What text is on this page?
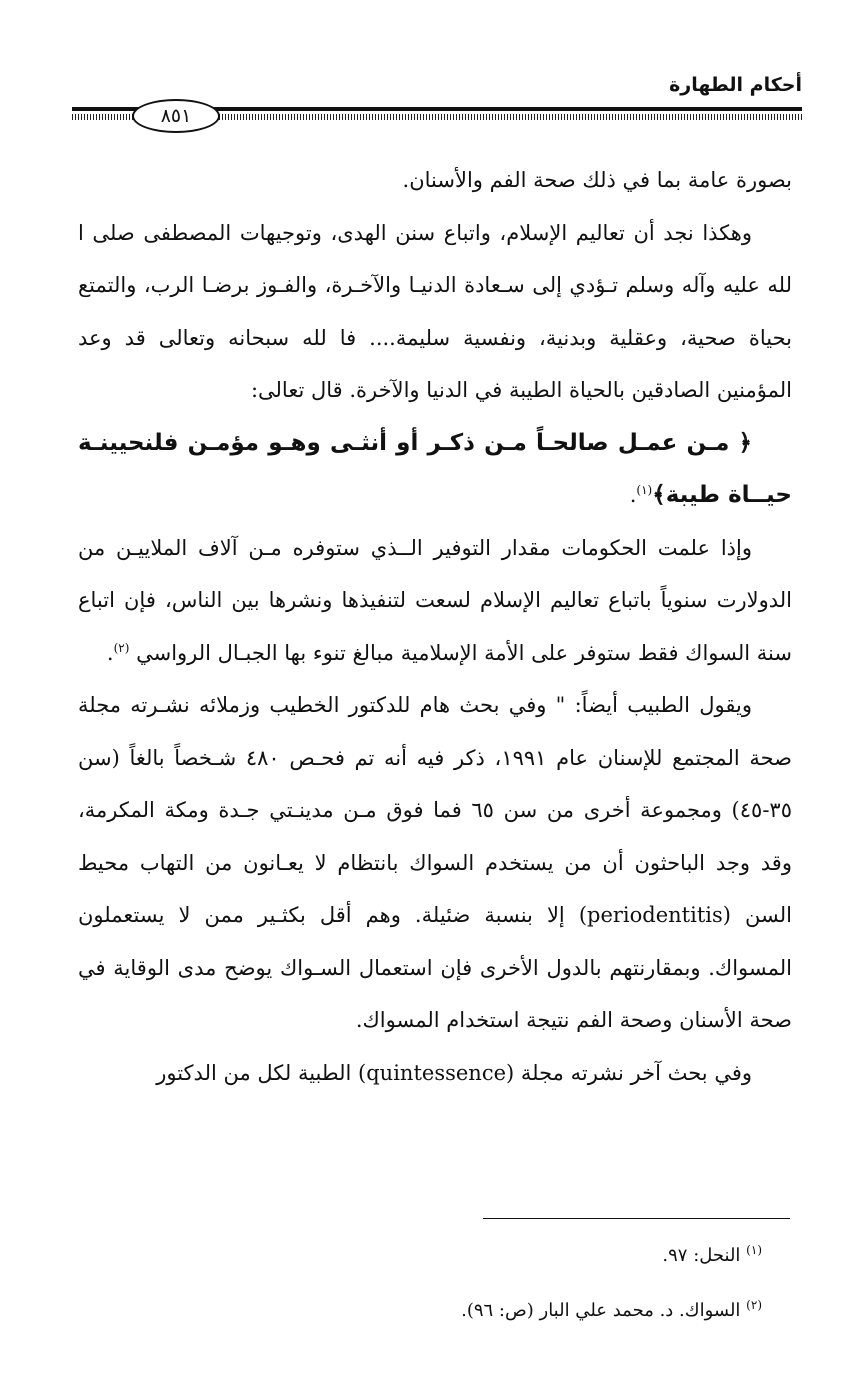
أحكام الطهارة
٨٥١

بصورة عامة بما في ذلك صحة الفم والأسنان.

وهكذا نجد أن تعاليم الإسلام، واتباع سنن الهدى، وتوجيهات المصطفى صلى ا لله عليه وآله وسلم تـؤدي إلى سـعادة الدنيـا والآخـرة، والفـوز برضـا الرب، والتمتع بحياة صحية، وعقلية وبدنية، ونفسية سليمة.... فا لله سبحانه وتعالى قد وعد المؤمنين الصادقين بالحياة الطيبة في الدنيا والآخرة. قال تعالى:

﴿ مـن عمـل صالحـاً مـن ذكـر أو أنثـى وهـو مؤمـن فلنحيينـة حيــاة طيبة﴾$^{(١)}$.

وإذا علمت الحكومات مقدار التوفير الــذي ستوفره مـن آلاف الملاييـن من الدولارت سنوياً باتباع تعاليم الإسلام لسعت لتنفيذها ونشرها بين الناس، فإن اتباع سنة السواك فقط ستوفر على الأمة الإسلامية مبالغ تنوء بها الجبـال الرواسي $^{(٢)}$.

ويقول الطبيب أيضاً: " وفي بحث هام للدكتور الخطيب وزملائه نشـرته مجلة صحة المجتمع للإسنان عام ١٩٩١، ذكر فيه أنه تم فحـص ٤٨٠ شـخصاً بالغاً (سن ٣٥-٤٥) ومجموعة أخرى من سن ٦٥ فما فوق مـن مدينـتي جـدة ومكة المكرمة، وقد وجد الباحثون أن من يستخدم السواك بانتظام لا يعـانون من التهاب محيط السن (periodentitis) إلا بنسبة ضئيلة. وهم أقل بكثـير ممن لا يستعملون المسواك. وبمقارنتهم بالدول الأخرى فإن استعمال السـواك يوضح مدى الوقاية في صحة الأسنان وصحة الفم نتيجة استخدام المسواك.

وفي بحث آخر نشرته مجلة (quintessence) الطبية لكل من الدكتور

$^{(١)}$ النحل: ٩٧.

$^{(٢)}$ السواك. د. محمد علي البار (ص: ٩٦).
